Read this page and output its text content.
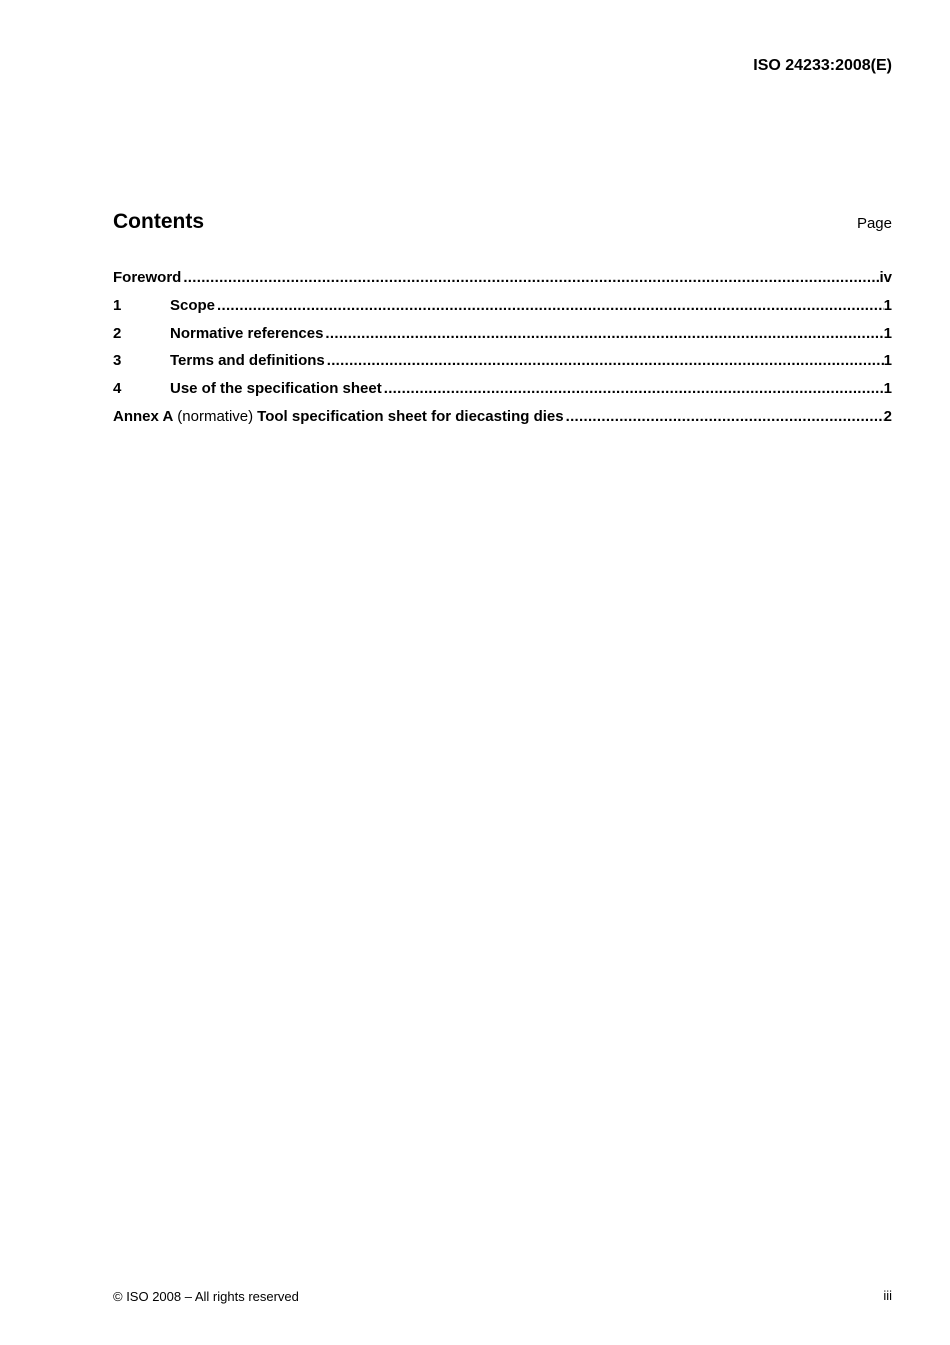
ISO 24233:2008(E)
Contents	Page
Foreword .....	iv
1	Scope .....	1
2	Normative references .....	1
3	Terms and definitions .....	1
4	Use of the specification sheet .....	1
Annex A (normative) Tool specification sheet for diecasting dies .....	2
© ISO 2008 – All rights reserved	iii
